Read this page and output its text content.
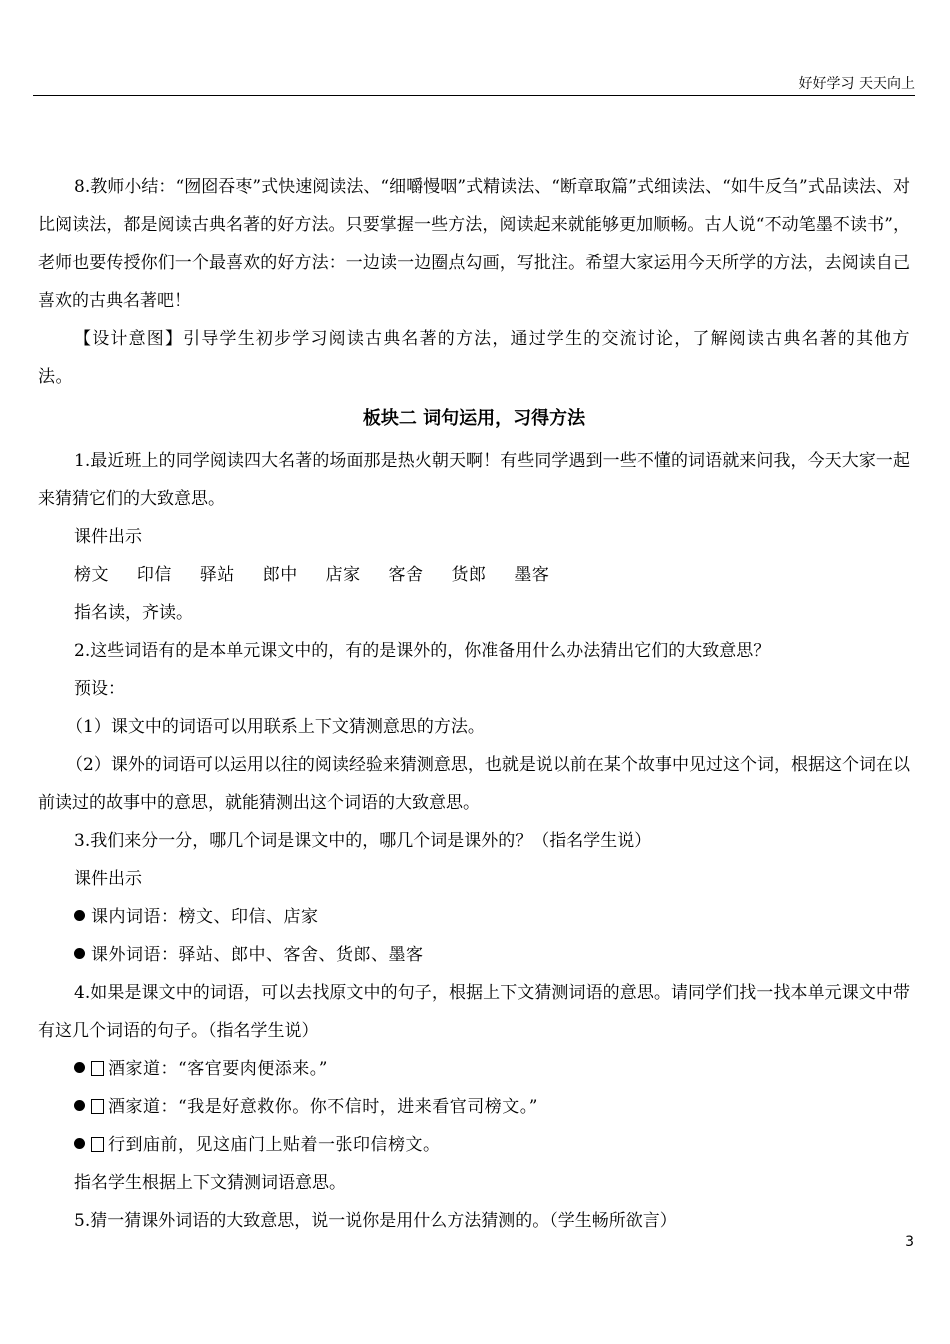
好好学习 天天向上

8.教师小结：“囫囵吞枣”式快速阅读法、“细嚼慢咽”式精读法、“断章取篇”式细读法、“如牛反刍”式品读法、对比阅读法，都是阅读古典名著的好方法。只要掌握一些方法，阅读起来就能够更加顺畅。古人说“不动笔墨不读书”，老师也要传授你们一个最喜欢的好方法：一边读一边圈点勾画，写批注。希望大家运用今天所学的方法，去阅读自己喜欢的古典名著吧！

【设计意图】引导学生初步学习阅读古典名著的方法，通过学生的交流讨论，了解阅读古典名著的其他方法。

板块二 词句运用，习得方法

1.最近班上的同学阅读四大名著的场面那是热火朝天啊！有些同学遇到一些不懂的词语就来问我，今天大家一起来猜猜它们的大致意思。

课件出示

榜文 印信 驿站 郎中 店家 客舍 货郎 墨客

指名读，齐读。

2.这些词语有的是本单元课文中的，有的是课外的，你准备用什么办法猜出它们的大致意思？

预设：

（1）课文中的词语可以用联系上下文猜测意思的方法。

（2）课外的词语可以运用以往的阅读经验来猜测意思，也就是说以前在某个故事中见过这个词，根据这个词在以前读过的故事中的意思，就能猜测出这个词语的大致意思。

3.我们来分一分，哪几个词是课文中的，哪几个词是课外的？（指名学生说）

课件出示

课内词语：榜文、印信、店家

课外词语：驿站、郎中、客舍、货郎、墨客

4.如果是课文中的词语，可以去找原文中的句子，根据上下文猜测词语的意思。请同学们找一找本单元课文中带有这几个词语的句子。（指名学生说）

酒家道：“客官要肉便添来。”

酒家道：“我是好意救你。你不信时，进来看官司榜文。”

行到庙前，见这庙门上贴着一张印信榜文。

指名学生根据上下文猜测词语意思。

5.猜一猜课外词语的大致意思，说一说你是用什么方法猜测的。（学生畅所欲言）

3
